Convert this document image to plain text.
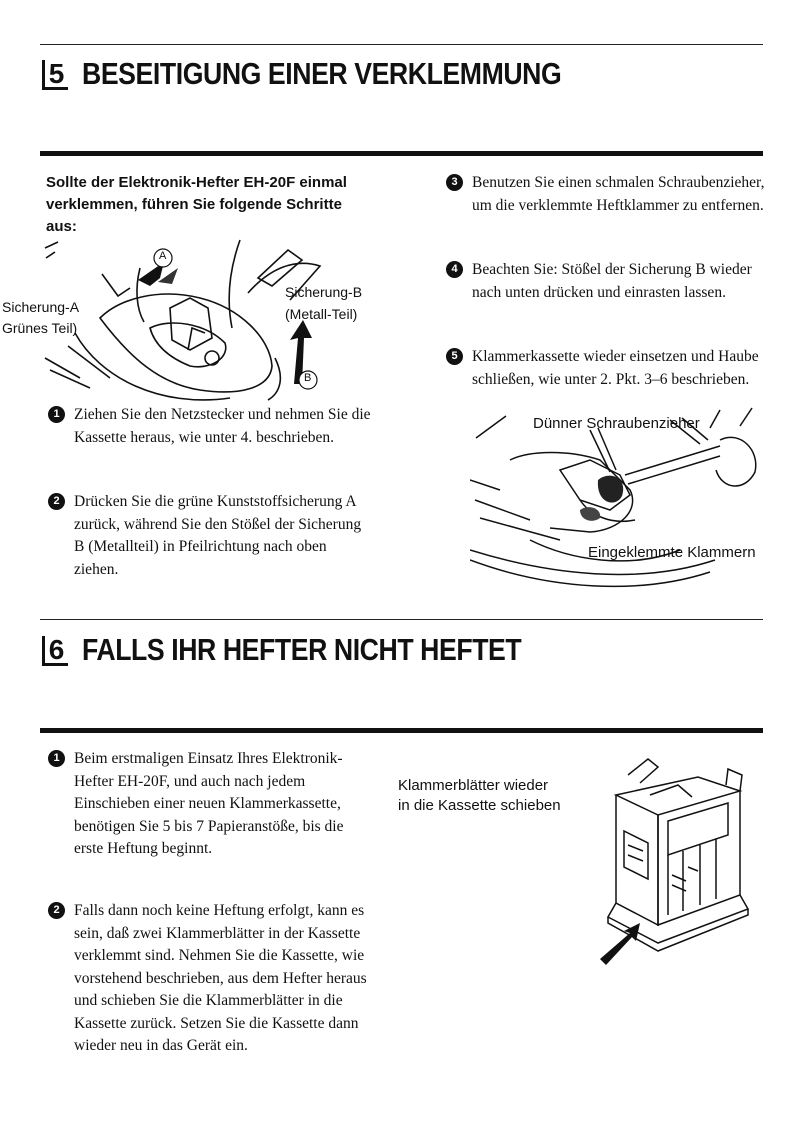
5 BESEITIGUNG EINER VERKLEMMUNG
Sollte der Elektronik-Hefter EH-20F einmal verklemmen, führen Sie folgende Schritte aus:
A
B
Sicherung-A
Grünes Teil)
Sicherung-B
(Metall-Teil)
1 Ziehen Sie den Netzstecker und nehmen Sie die Kassette heraus, wie unter 4. beschrieben.
2 Drücken Sie die grüne Kunststoffsicherung A zurück, während Sie den Stößel der Sicherung B (Metallteil) in Pfeilrichtung nach oben ziehen.
3 Benutzen Sie einen schmalen Schraubenzieher, um die verklemmte Heftklammer zu entfernen.
4 Beachten Sie: Stößel der Sicherung B wieder nach unten drücken und einrasten lassen.
5 Klammerkassette wieder einsetzen und Haube schließen, wie unter 2. Pkt. 3–6 beschrieben.
Dünner Schraubenzieher
Eingeklemmte Klammern
6 FALLS IHR HEFTER NICHT HEFTET
1 Beim erstmaligen Einsatz Ihres Elektronik-Hefter EH-20F, und auch nach jedem Einschieben einer neuen Klammerkassette, benötigen Sie 5 bis 7 Papieranstöße, bis die erste Heftung beginnt.
2 Falls dann noch keine Heftung erfolgt, kann es sein, daß zwei Klammerblätter in der Kassette verklemmt sind. Nehmen Sie die Kassette, wie vorstehend beschrieben, aus dem Hefter heraus und schieben Sie die Klammerblätter in die Kassette zurück. Setzen Sie die Kassette dann wieder neu in das Gerät ein.
Klammerblätter wieder
in die Kassette schieben
